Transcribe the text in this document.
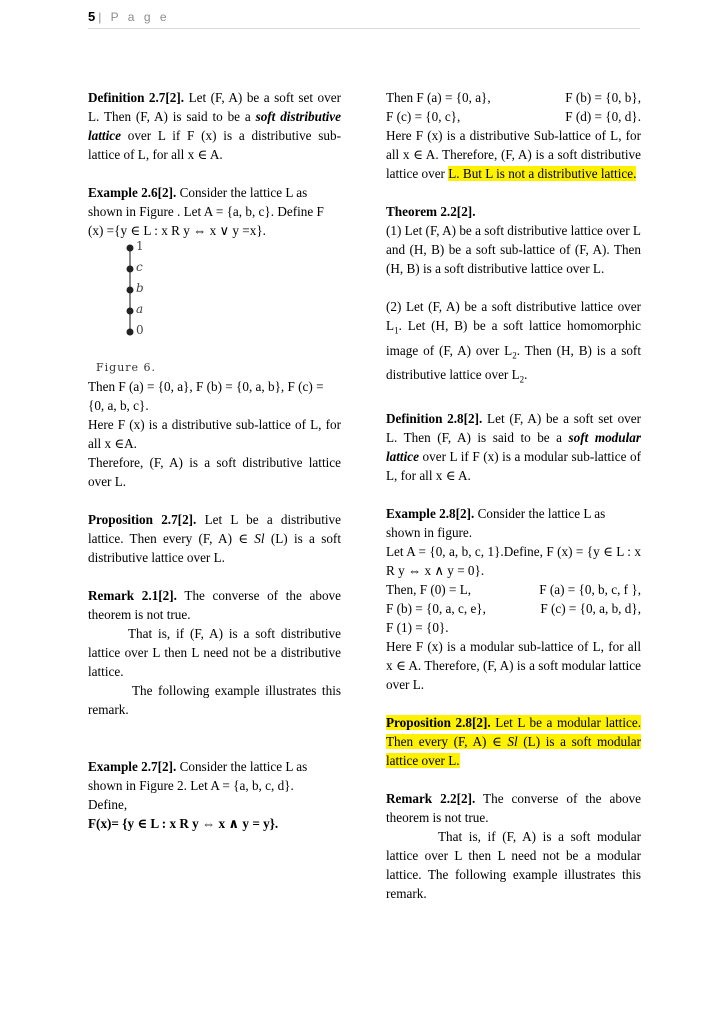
5 | P a g e

Definition 2.7[2]. Let (F, A) be a soft set over L. Then (F, A) is said to be a soft distributive lattice over L if F (x) is a distributive sub-lattice of L, for all x ∈ A.

Example 2.6[2]. Consider the lattice L as shown in Figure . Let A = {a, b, c}. Define F (x) ={y ∈ L : x R y ⇔ x ∨ y =x}.

1
c
b
a
0
Figure 6.

Then F (a) = {0, a}, F (b) = {0, a, b}, F (c) = {0, a, b, c}.

Here F (x) is a distributive sub-lattice of L, for all x ∈A.

Therefore, (F, A) is a soft distributive lattice over L.

Proposition 2.7[2]. Let L be a distributive lattice. Then every (F, A) ∈ Sl (L) is a soft distributive lattice over L.

Remark 2.1[2]. The converse of the above theorem is not true.

That is, if (F, A) is a soft distributive lattice over L then L need not be a distributive lattice.

The following example illustrates this remark.

Example 2.7[2]. Consider the lattice L as shown in Figure 2. Let A = {a, b, c, d}.

Define,

F(x)= {y ∈ L : x R y ⇔ x ∧ y = y}.

Then F (a) = {0, a},	F (b) = {0, b},

F (c) = {0, c},	F (d) = {0, d}.

Here F (x) is a distributive Sub-lattice of L, for all x ∈ A. Therefore, (F, A) is a soft distributive lattice over L. But L is not a distributive lattice.

Theorem 2.2[2].

(1) Let (F, A) be a soft distributive lattice over L and (H, B) be a soft sub-lattice of (F, A). Then (H, B) is a soft distributive lattice over L.

(2) Let (F, A) be a soft distributive lattice over $L_1$. Let (H, B) be a soft lattice homomorphic image of (F, A) over $L_2$. Then (H, B) is a soft distributive lattice over $L_2$.

Definition 2.8[2]. Let (F, A) be a soft set over L. Then (F, A) is said to be a soft modular lattice over L if F (x) is a modular sub-lattice of L, for all x ∈ A.

Example 2.8[2]. Consider the lattice L as shown in figure.

Let A = {0, a, b, c, 1}.Define, F (x) = {y ∈ L : x R y ⇔ x ∧ y = 0}.

Then, F (0) = L,	F (a) = {0, b, c, f },

F (b) = {0, a, c, e},	F (c) = {0, a, b, d},

F (1) = {0}.

Here F (x) is a modular sub-lattice of L, for all x ∈ A. Therefore, (F, A) is a soft modular lattice over L.

Proposition 2.8[2]. Let L be a modular lattice. Then every (F, A) ∈ Sl (L) is a soft modular lattice over L.

Remark 2.2[2]. The converse of the above theorem is not true.

That is, if (F, A) is a soft modular lattice over L then L need not be a modular lattice. The following example illustrates this remark.
